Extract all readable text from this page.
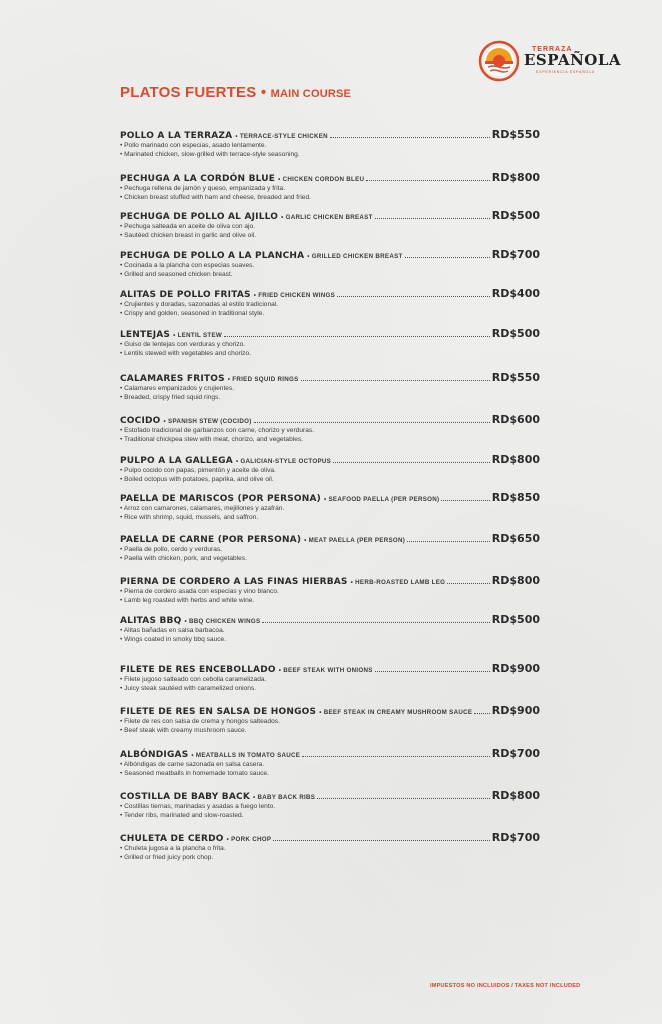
TERRAZA
ESPAÑOLA
EXPERIENCIA ESPAÑOLA
PLATOS FUERTES • MAIN COURSE
POLLO A LA TERRAZA • TERRACE-STYLE CHICKEN	RD$550
• Pollo marinado con especias, asado lentamente.
• Marinated chicken, slow-grilled with terrace-style seasoning.
PECHUGA A LA CORDÓN BLUE • CHICKEN CORDON BLEU	RD$800
• Pechuga rellena de jamón y queso, empanizada y frita.
• Chicken breast stuffed with ham and cheese, breaded and fried.
PECHUGA DE POLLO AL AJILLO • GARLIC CHICKEN BREAST	RD$500
• Pechuga salteada en aceite de oliva con ajo.
• Sautéed chicken breast in garlic and olive oil.
PECHUGA DE POLLO A LA PLANCHA • GRILLED CHICKEN BREAST	RD$700
• Cocinada a la plancha con especias suaves.
• Grilled and seasoned chicken breast.
ALITAS DE POLLO FRITAS • FRIED CHICKEN WINGS	RD$400
• Crujientes y doradas, sazonadas al estilo tradicional.
• Crispy and golden, seasoned in traditional style.
LENTEJAS • LENTIL STEW	RD$500
• Guiso de lentejas con verduras y chorizo.
• Lentils stewed with vegetables and chorizo.
CALAMARES FRITOS • FRIED SQUID RINGS	RD$550
• Calamares empanizados y crujientes.
• Breaded, crispy fried squid rings.
COCIDO • SPANISH STEW (COCIDO)	RD$600
• Estofado tradicional de garbanzos con carne, chorizo y verduras.
• Traditional chickpea stew with meat, chorizo, and vegetables.
PULPO A LA GALLEGA • GALICIAN-STYLE OCTOPUS	RD$800
• Pulpo cocido con papas, pimentón y aceite de oliva.
• Boiled octopus with potatoes, paprika, and olive oil.
PAELLA DE MARISCOS (POR PERSONA) • SEAFOOD PAELLA (PER PERSON)	RD$850
• Arroz con camarones, calamares, mejillones y azafrán.
• Rice with shrimp, squid, mussels, and saffron.
PAELLA DE CARNE (POR PERSONA) • MEAT PAELLA (PER PERSON)	RD$650
• Paella de pollo, cerdo y verduras.
• Paella with chicken, pork, and vegetables.
PIERNA DE CORDERO A LAS FINAS HIERBAS • HERB-ROASTED LAMB LEG	RD$800
• Pierna de cordero asada con especias y vino blanco.
• Lamb leg roasted with herbs and white wine.
ALITAS BBQ • BBQ CHICKEN WINGS	RD$500
• Alitas bañadas en salsa barbacoa.
• Wings coated in smoky bbq sauce.
FILETE DE RES ENCEBOLLADO • BEEF STEAK WITH ONIONS	RD$900
• Filete jugoso salteado con cebolla caramelizada.
• Juicy steak sautéed with caramelized onions.
FILETE DE RES EN SALSA DE HONGOS • BEEF STEAK IN CREAMY MUSHROOM SAUCE RD$900
• Filete de res con salsa de crema y hongos salteados.
• Beef steak with creamy mushroom sauce.
ALBÓNDIGAS • MEATBALLS IN TOMATO SAUCE	RD$700
• Albóndigas de carne sazonada en salsa casera.
• Seasoned meatballs in homemade tomato sauce.
COSTILLA DE BABY BACK • BABY BACK RIBS	RD$800
• Costillas tiernas, marinadas y asadas a fuego lento.
• Tender ribs, marinated and slow-roasted.
CHULETA DE CERDO • PORK CHOP	RD$700
• Chuleta jugosa a la plancha o frita.
• Grilled or fried juicy pork chop.
IMPUESTOS NO INCLUIDOS / TAXES NOT INCLUDED
